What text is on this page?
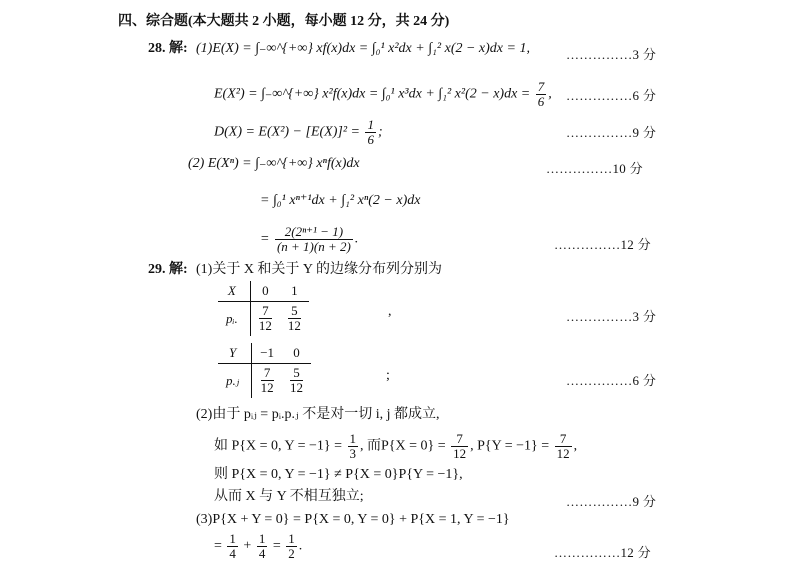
四、综合题(本大题共 2 小题，每小题 12 分，共 24 分)
28. 解: (1)E(X) = ∫₋∞^{+∞} xf(x)dx = ∫₀¹ x²dx + ∫₁² x(2 − x)dx = 1,	……………3 分
E(X²) = ∫₋∞^{+∞} x²f(x)dx = ∫₀¹ x³dx + ∫₁² $x^2(2 - x)dx = \frac{7}{6}$ , ……………6 分
$D(X) = E(X^2) - [E(X)]^2 = \frac{1}{6}$ ;	……………9 分
(2) E(Xⁿ) = ∫₋∞^{+∞} xⁿf(x)dx	……………10 分
= ∫₀¹ xⁿ⁺¹dx + ∫₁² xⁿ(2 − x)dx
= $\frac{\text{2(2ⁿ⁺¹ − 1)}}{(n + 1)(n + 2)}$ .	……………12 分
29. 解: (1)关于 X 和关于 Y 的边缘分布列分别为
X	0	1
pᵢ.	$\frac{7}{12}$	$\frac{5}{12}$	,	……………3 分
Y	−1	0
p.ⱼ	$\frac{7}{12}$	$\frac{5}{12}$	;	……………6 分
(2)由于 pᵢⱼ = pᵢ.p.ⱼ 不是对一切 i, j 都成立,
如 P{X = 0, $Y = -1\} = \frac{1}{3}$ , 而$P\{X = 0\} = \frac{7}{12}$ , $P\{Y = -1\} = \frac{7}{12}$ ,
则 P{X = 0, Y = −1} ≠ P{X = 0}P{Y = −1},
从而 X 与 Y 不相互独立;	……………9 分
(3)P{X + Y = 0} = P{X = 0, Y = 0} + P{X = 1, Y = −1}
= $\frac{1}{4} + \frac{1}{4} = \frac{1}{2}$ .	……………12 分
